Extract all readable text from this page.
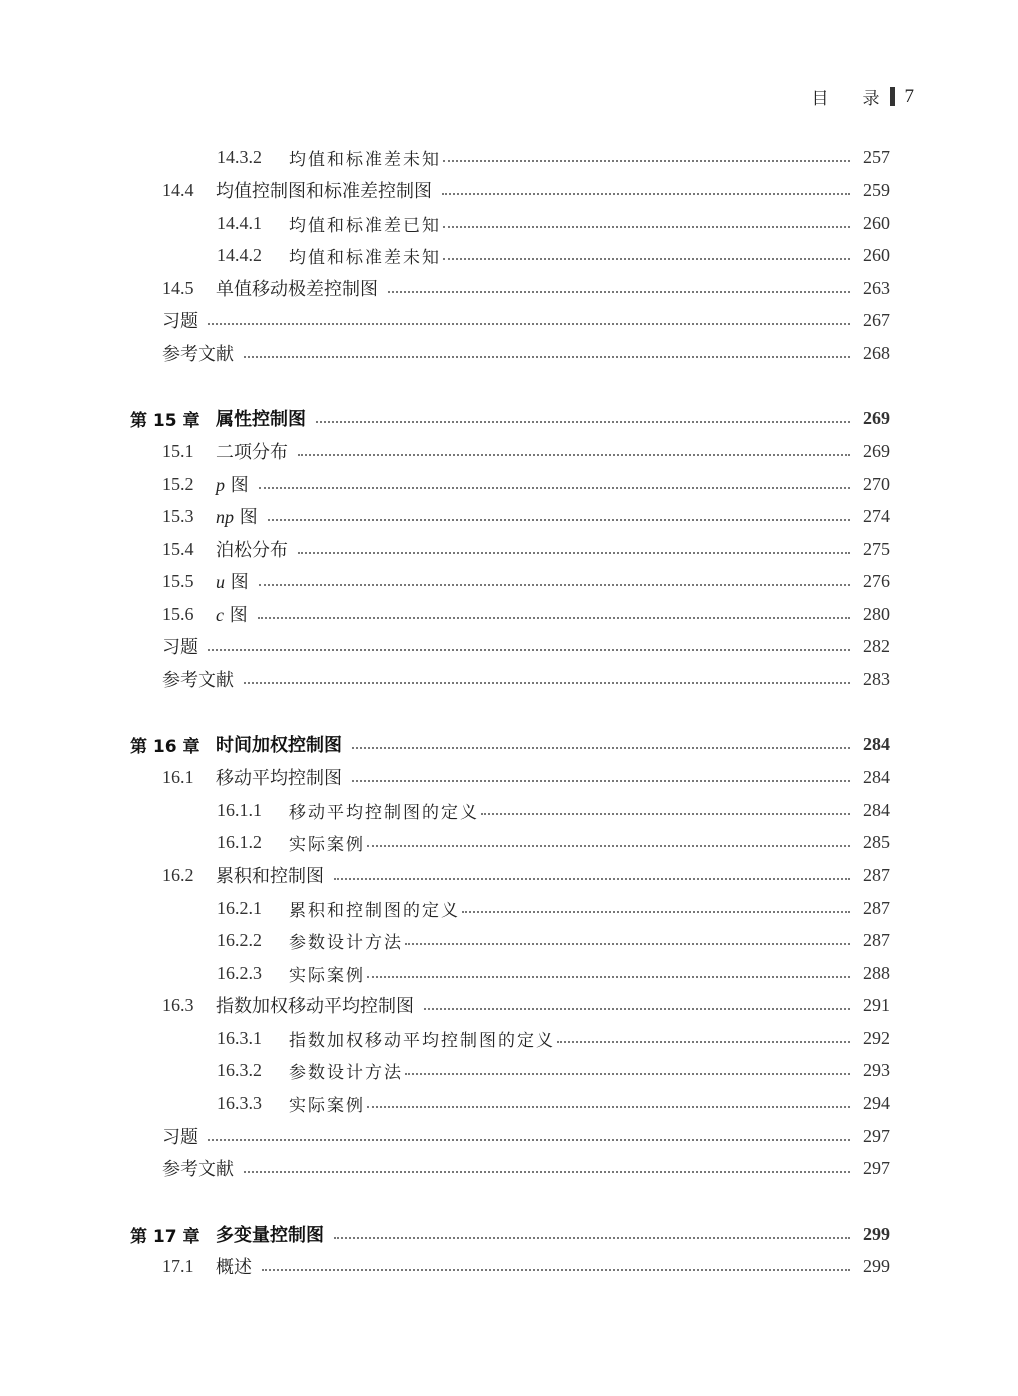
目 录 7
14.3.2	均值和标准差未知	257
14.4	均值控制图和标准差控制图	259
14.4.1	均值和标准差已知	260
14.4.2	均值和标准差未知	260
14.5	单值移动极差控制图	263
习题	267
参考文献	268
第 15 章 属性控制图	269
15.1	二项分布	269
15.2	p 图	270
15.3	np 图	274
15.4	泊松分布	275
15.5	u 图	276
15.6	c 图	280
习题	282
参考文献	283
第 16 章 时间加权控制图	284
16.1	移动平均控制图	284
16.1.1	移动平均控制图的定义	284
16.1.2	实际案例	285
16.2	累积和控制图	287
16.2.1	累积和控制图的定义	287
16.2.2	参数设计方法	287
16.2.3	实际案例	288
16.3	指数加权移动平均控制图	291
16.3.1	指数加权移动平均控制图的定义	292
16.3.2	参数设计方法	293
16.3.3	实际案例	294
习题	297
参考文献	297
第 17 章 多变量控制图	299
17.1	概述	299
